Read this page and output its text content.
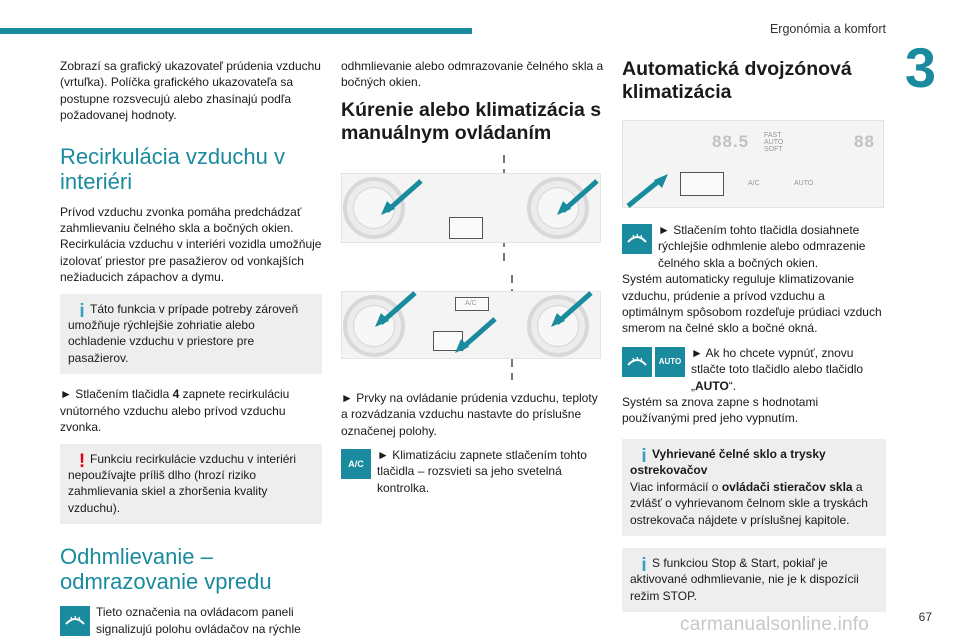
Ergonómia a komfort
3

Zobrazí sa grafický ukazovateľ prúdenia vzduchu (vrtuľka). Políčka grafického ukazovateľa sa postupne rozsvecujú alebo zhasínajú podľa požadovanej hodnoty.

Recirkulácia vzduchu v interiéri

Prívod vzduchu zvonka pomáha predchádzať zahmlievaniu čelného skla a bočných okien. Recirkulácia vzduchu v interiéri vozidla umožňuje izolovať priestor pre pasažierov od vonkajších nežiaducich zápachov a dymu.

i Táto funkcia v prípade potreby zároveň umožňuje rýchlejšie zohriatie alebo ochladenie vzduchu v priestore pre pasažierov.

► Stlačením tlačidla 4 zapnete recirkuláciu vnútorného vzduchu alebo prívod vzduchu zvonka.

! Funkciu recirkulácie vzduchu v interiéri nepoužívajte príliš dlho (hrozí riziko zahmlievania skiel a zhoršenia kvality vzduchu).

Odhmlievanie – odmrazovanie vpredu

Tieto označenia na ovládacom paneli signalizujú polohu ovládačov na rýchle

odhmlievanie alebo odmrazovanie čelného skla a bočných okien.

Kúrenie alebo klimatizácia s manuálnym ovládaním
A/C

► Prvky na ovládanie prúdenia vzduchu, teploty a rozvádzania vzduchu nastavte do príslušne označenej polohy.

A/C

► Klimatizáciu zapnete stlačením tohto tlačidla – rozsvieti sa jeho svetelná kontrolka.

Automatická dvojzónová klimatizácia
88.5 FAST
AUTO
SOFT	88
A/C	AUTO

► Stlačením tohto tlačidla dosiahnete rýchlejšie odhmlenie alebo odmrazenie čelného skla a bočných okien.

Systém automaticky reguluje klimatizovanie vzduchu, prúdenie a prívod vzduchu a optimálnym spôsobom rozdeľuje prúdiaci vzduch smerom na čelné sklo a bočné okná.

AUTO

► Ak ho chcete vypnúť, znovu stlačte toto tlačidlo alebo tlačidlo „AUTO“.

Systém sa znova zapne s hodnotami používanými pred jeho vypnutím.

i Vyhrievané čelné sklo a trysky ostrekovačov

Viac informácií o ovládači stieračov skla a zvlášť o vyhrievanom čelnom skle a tryskách ostrekovača nájdete v príslušnej kapitole.

i S funkciou Stop & Start, pokiaľ je aktivované odhmlievanie, nie je k dispozícii režim STOP.

carmanualsonline.info	67
